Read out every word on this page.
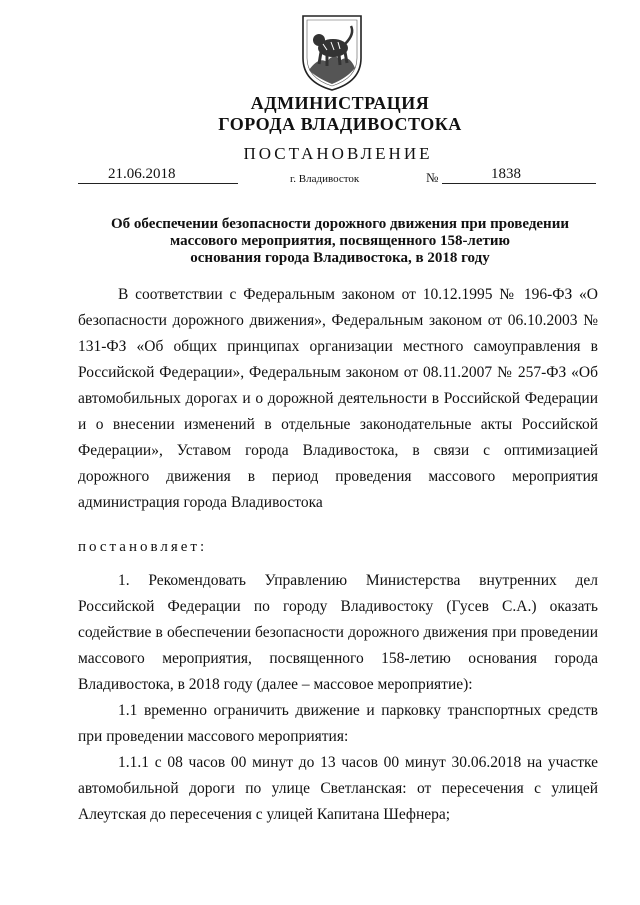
АДМИНИСТРАЦИЯ
ГОРОДА ВЛАДИВОСТОКА
ПОСТАНОВЛЕНИЕ
21.06.2018	г. Владивосток	№	1838
Об обеспечении безопасности дорожного движения при проведении
массового мероприятия, посвященного 158-летию
основания города Владивостока, в 2018 году

В соответствии с Федеральным законом от 10.12.1995 № 196-ФЗ «О безопасности дорожного движения», Федеральным законом от 06.10.2003 № 131-ФЗ «Об общих принципах организации местного самоуправления в Российской Федерации», Федеральным законом от 08.11.2007 № 257-ФЗ «Об автомобильных дорогах и о дорожной деятельности в Российской Федерации и о внесении изменений в отдельные законодательные акты Российской Федерации», Уставом города Владивостока, в связи с оптимизацией дорожного движения в период проведения массового мероприятия администрация города Владивостока

постановляет:

1. Рекомендовать Управлению Министерства внутренних дел Российской Федерации по городу Владивостоку (Гусев С.А.) оказать содействие в обеспечении безопасности дорожного движения при проведении массового мероприятия, посвященного 158-летию основания города Владивостока, в 2018 году (далее – массовое мероприятие):

1.1 временно ограничить движение и парковку транспортных средств при проведении массового мероприятия:

1.1.1 с 08 часов 00 минут до 13 часов 00 минут 30.06.2018 на участке автомобильной дороги по улице Светланская: от пересечения с улицей Алеутская до пересечения с улицей Капитана Шефнера;
